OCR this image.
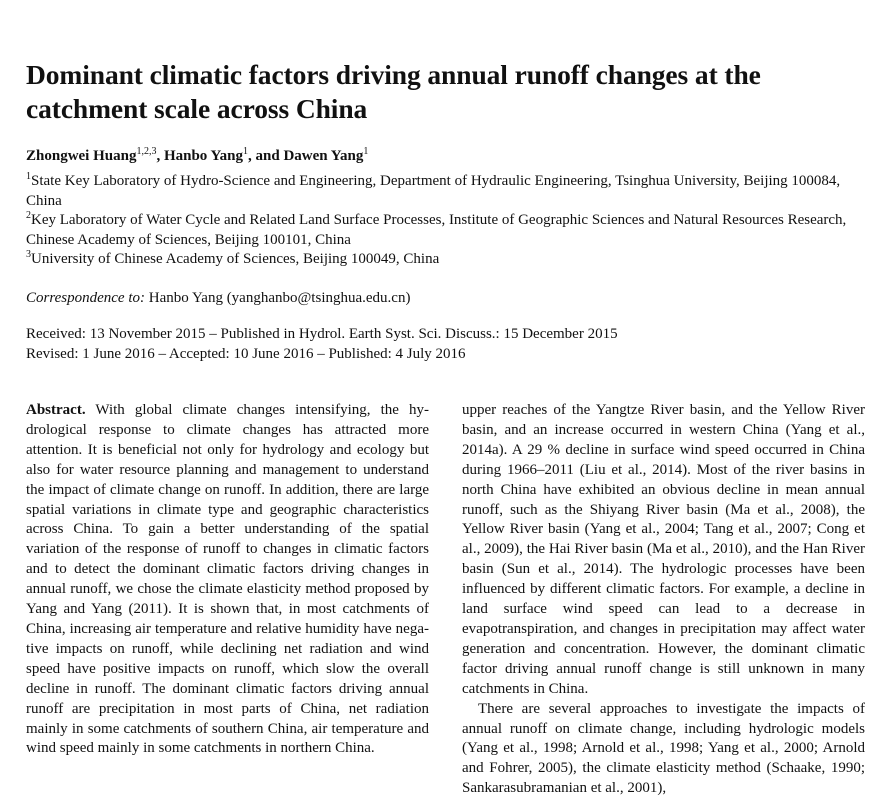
Dominant climatic factors driving annual runoff changes at the catchment scale across China
Zhongwei Huang$^{1,2,3}$, Hanbo Yang$^1$, and Dawen Yang$^1$

$^1$State Key Laboratory of Hydro-Science and Engineering, Department of Hydraulic Engineering, Tsinghua University, Beijing 100084, China

$^2$Key Laboratory of Water Cycle and Related Land Surface Processes, Institute of Geographic Sciences and Natural Resources Research, Chinese Academy of Sciences, Beijing 100101, China

$^3$University of Chinese Academy of Sciences, Beijing 100049, China

Correspondence to: Hanbo Yang (yanghanbo@tsinghua.edu.cn)
Received: 13 November 2015 – Published in Hydrol. Earth Syst. Sci. Discuss.: 15 December 2015
Revised: 1 June 2016 – Accepted: 10 June 2016 – Published: 4 July 2016

Abstract. With global climate changes intensifying, the hydrological response to climate changes has attracted more attention. It is beneficial not only for hydrology and ecology but also for water resource planning and management to understand the impact of climate change on runoff. In addition, there are large spatial variations in climate type and geographic characteristics across China. To gain a better understanding of the spatial variation of the response of runoff to changes in climatic factors and to detect the dominant climatic factors driving changes in annual runoff, we chose the climate elasticity method proposed by Yang and Yang (2011). It is shown that, in most catchments of China, increasing air temperature and relative humidity have negative impacts on runoff, while declining net radiation and wind speed have positive impacts on runoff, which slow the overall decline in runoff. The dominant climatic factors driving annual runoff are precipitation in most parts of China, net radiation mainly in some catchments of southern China, air temperature and wind speed mainly in some catchments in northern China.

upper reaches of the Yangtze River basin, and the Yellow River basin, and an increase occurred in western China (Yang et al., 2014a). A 29 % decline in surface wind speed occurred in China during 1966–2011 (Liu et al., 2014). Most of the river basins in north China have exhibited an obvious decline in mean annual runoff, such as the Shiyang River basin (Ma et al., 2008), the Yellow River basin (Yang et al., 2004; Tang et al., 2007; Cong et al., 2009), the Hai River basin (Ma et al., 2010), and the Han River basin (Sun et al., 2014). The hydrologic processes have been influenced by different climatic factors. For example, a decline in land surface wind speed can lead to a decrease in evapotranspiration, and changes in precipitation may affect water generation and concentration. However, the dominant climatic factor driving annual runoff change is still unknown in many catchments in China.

There are several approaches to investigate the impacts of annual runoff on climate change, including hydrologic models (Yang et al., 1998; Arnold et al., 1998; Yang et al., 2000; Arnold and Fohrer, 2005), the climate elasticity method (Schaake, 1990; Sankarasubramanian et al., 2001),
